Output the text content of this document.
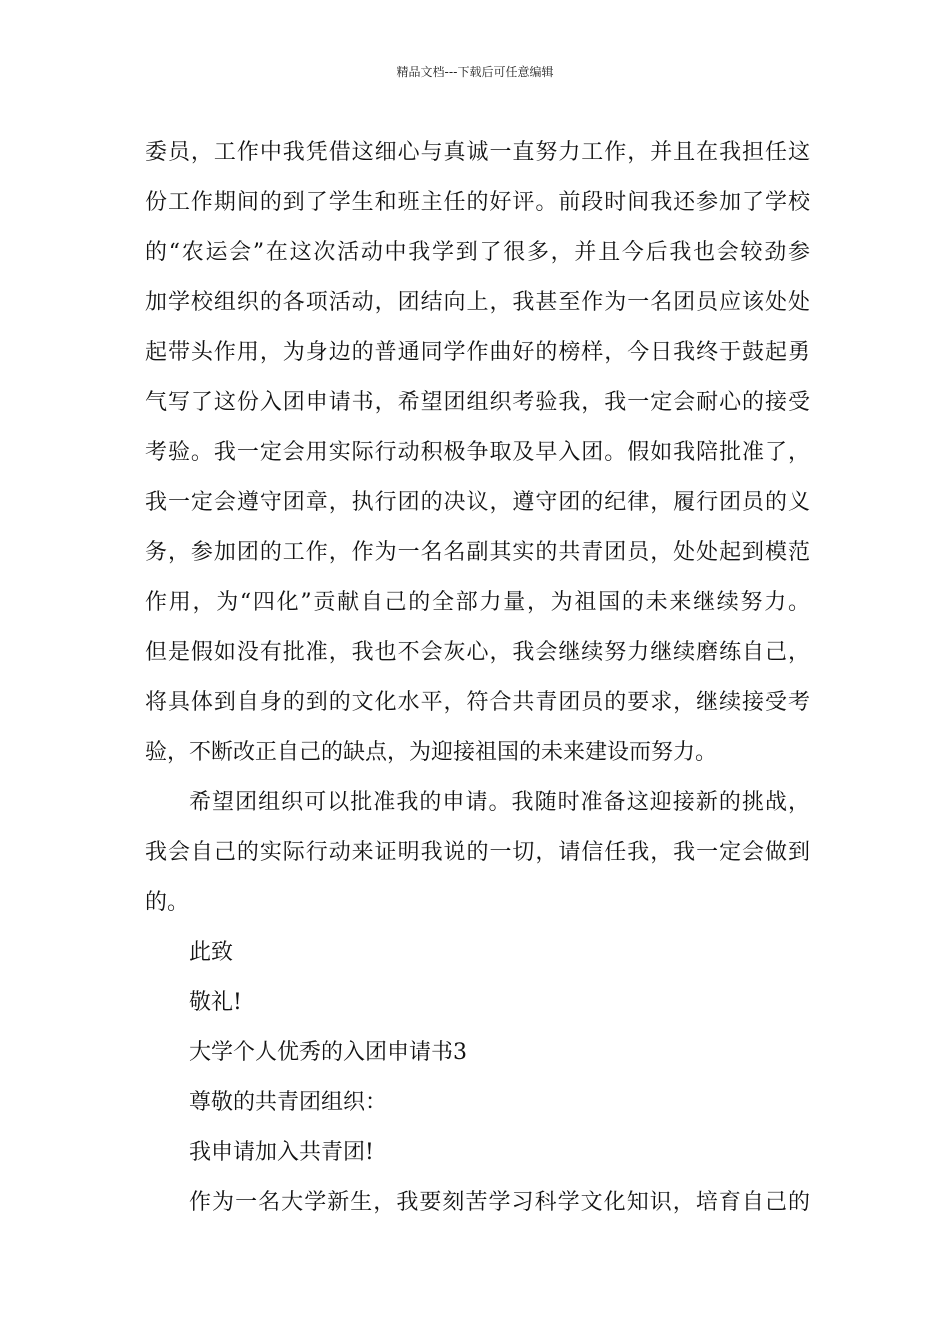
精品文档---下载后可任意编辑
委员，工作中我凭借这细心与真诚一直努力工作，并且在我担任这
份工作期间的到了学生和班主任的好评。前段时间我还参加了学校
的“农运会”在这次活动中我学到了很多，并且今后我也会较劲参
加学校组织的各项活动，团结向上，我甚至作为一名团员应该处处
起带头作用，为身边的普通同学作曲好的榜样，今日我终于鼓起勇
气写了这份入团申请书，希望团组织考验我，我一定会耐心的接受
考验。我一定会用实际行动积极争取及早入团。假如我陪批准了，
我一定会遵守团章，执行团的决议，遵守团的纪律，履行团员的义
务，参加团的工作，作为一名名副其实的共青团员，处处起到模范
作用，为“四化”贡献自己的全部力量，为祖国的未来继续努力。
但是假如没有批准，我也不会灰心，我会继续努力继续磨练自己，
将具体到自身的到的文化水平，符合共青团员的要求，继续接受考
验，不断改正自己的缺点，为迎接祖国的未来建设而努力。
希望团组织可以批准我的申请。我随时准备这迎接新的挑战，
我会自己的实际行动来证明我说的一切，请信任我，我一定会做到
的。
此致
敬礼!
大学个人优秀的入团申请书3
尊敬的共青团组织：
我申请加入共青团!
作为一名大学新生，我要刻苦学习科学文化知识，培育自己的
